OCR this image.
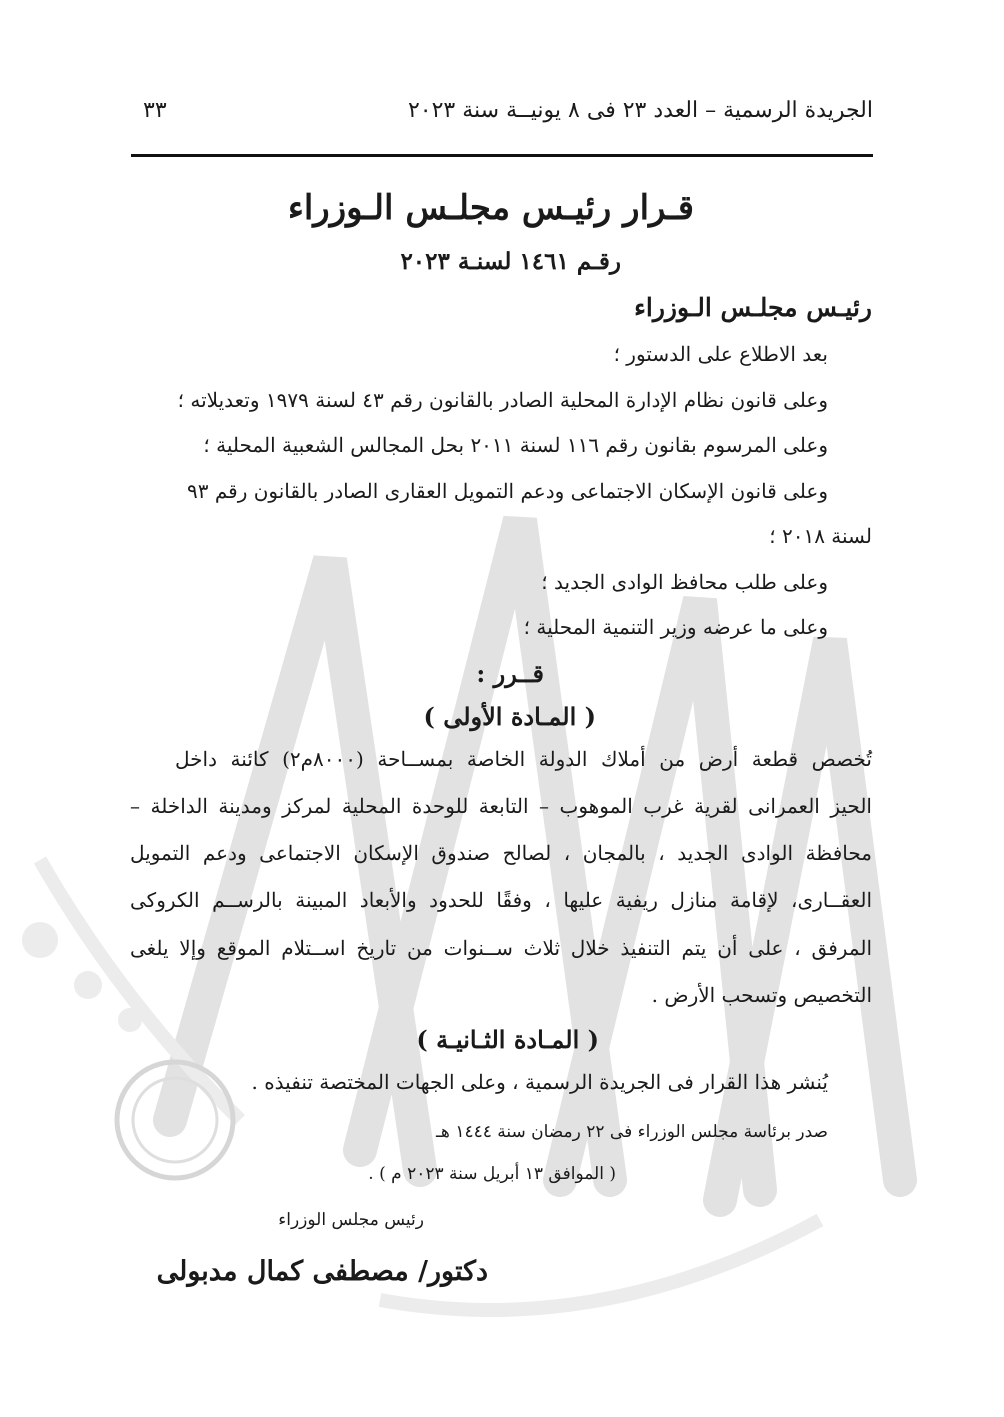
الجريدة الرسمية – العدد ٢٣ فى ٨ يونيــة سنة ٢٠٢٣
٣٣
قـرار رئيـس مجلـس الـوزراء
رقـم ١٤٦١ لسنـة ٢٠٢٣
رئيـس مجلـس الـوزراء
بعد الاطلاع على الدستور ؛
وعلى قانون نظام الإدارة المحلية الصادر بالقانون رقم ٤٣ لسنة ١٩٧٩ وتعديلاته ؛
وعلى المرسوم بقانون رقم ١١٦ لسنة ٢٠١١ بحل المجالس الشعبية المحلية ؛
وعلى قانون الإسكان الاجتماعى ودعم التمويل العقارى الصادر بالقانون رقم ٩٣
لسنة ٢٠١٨ ؛
وعلى طلب محافظ الوادى الجديد ؛
وعلى ما عرضه وزير التنمية المحلية ؛
قــرر :
( المـادة الأولى )
تُخصص قطعة أرض من أملاك الدولة الخاصة بمســاحة (٨٠٠٠م٢) كائنة داخل
الحيز العمرانى لقرية غرب الموهوب – التابعة للوحدة المحلية لمركز ومدينة الداخلة –
محافظة الوادى الجديد ، بالمجان ، لصالح صندوق الإسكان الاجتماعى ودعم التمويل
العقــارى، لإقامة منازل ريفية عليها ، وفقًا للحدود والأبعاد المبينة بالرســم الكروكى
المرفق ، على أن يتم التنفيذ خلال ثلاث ســنوات من تاريخ اســتلام الموقع وإلا يلغى
التخصيص وتسحب الأرض .
( المـادة الثـانيـة )
يُنشر هذا القرار فى الجريدة الرسمية ، وعلى الجهات المختصة تنفيذه .
صدر برئاسة مجلس الوزراء فى ٢٢ رمضان سنة ١٤٤٤ هـ
( الموافق ١٣ أبريل سنة ٢٠٢٣ م ) .
رئيس مجلس الوزراء
دكتور/ مصطفى كمال مدبولى
